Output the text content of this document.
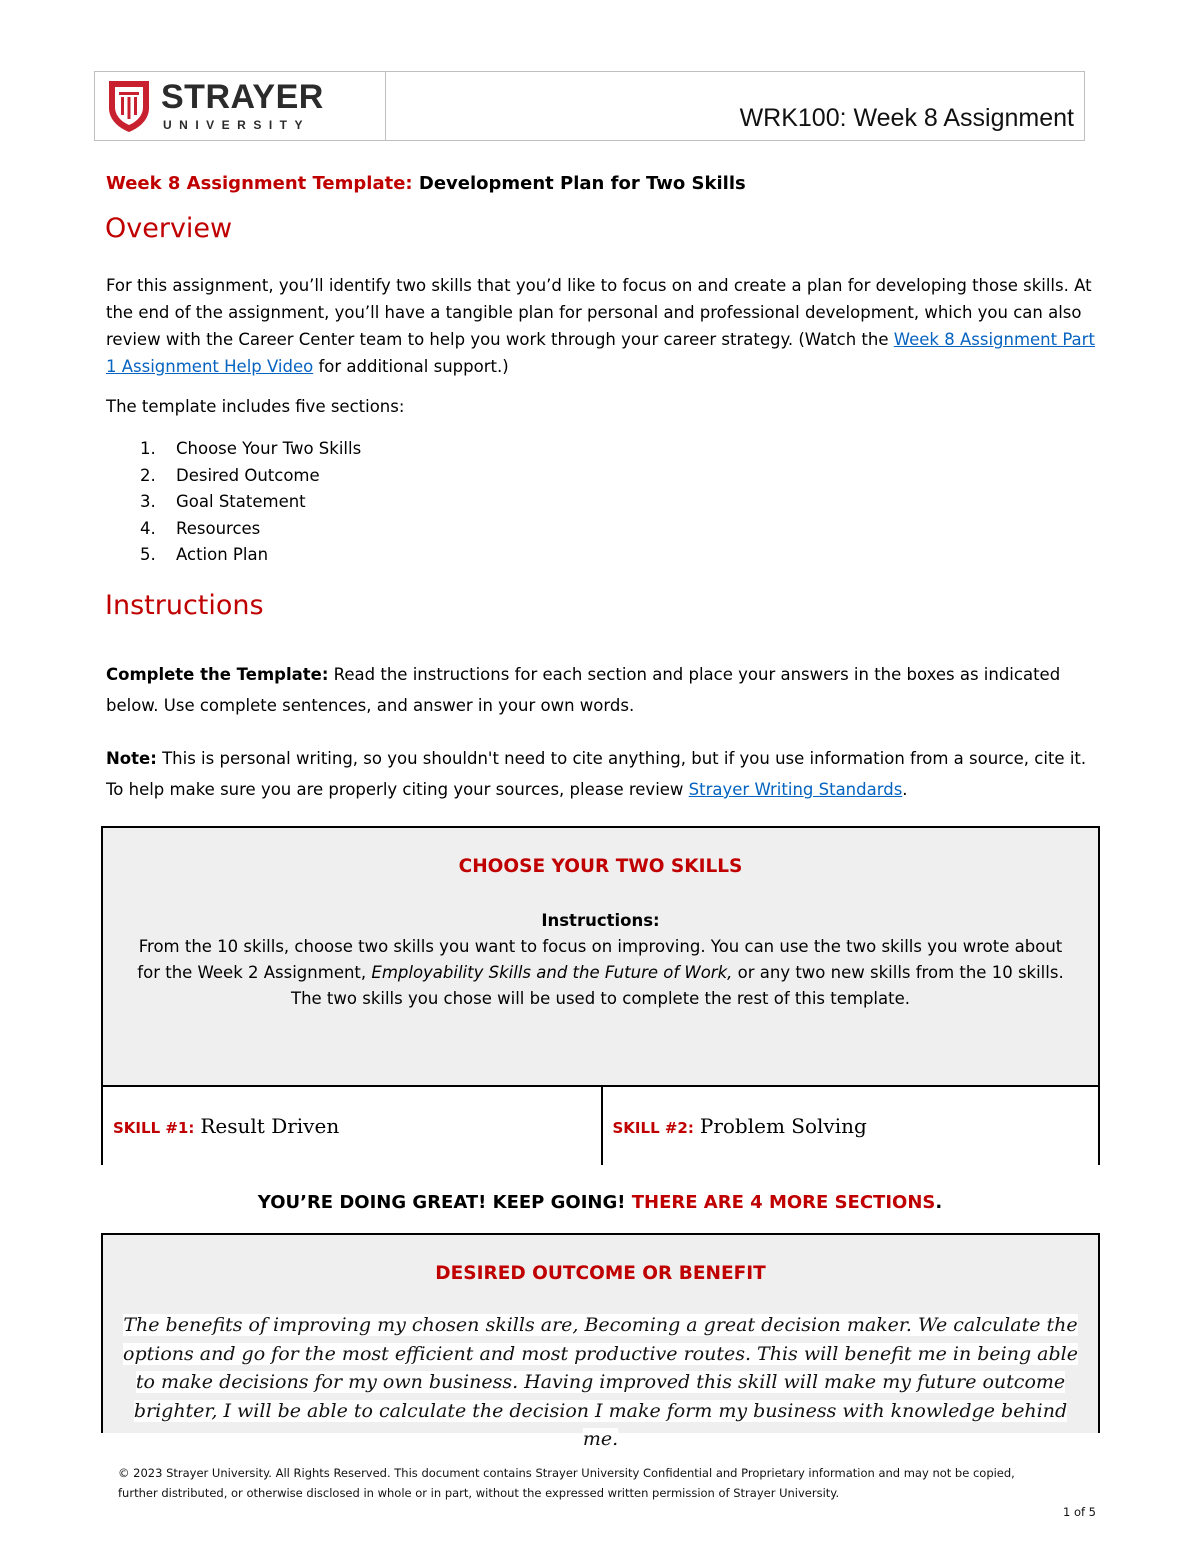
STRAYER
UNIVERSITY	WRK100: Week 8 Assignment
Week 8 Assignment Template: Development Plan for Two Skills
Overview
For this assignment, you’ll identify two skills that you’d like to focus on and create a plan for developing those skills. At the end of the assignment, you’ll have a tangible plan for personal and professional development, which you can also review with the Career Center team to help you work through your career strategy. (Watch the Week 8 Assignment Part 1 Assignment Help Video for additional support.)
The template includes five sections:
1. Choose Your Two Skills
2. Desired Outcome
3. Goal Statement
4. Resources
5. Action Plan
Instructions
Complete the Template: Read the instructions for each section and place your answers in the boxes as indicated below. Use complete sentences, and answer in your own words.
Note: This is personal writing, so you shouldn't need to cite anything, but if you use information from a source, cite it. To help make sure you are properly citing your sources, please review Strayer Writing Standards.
CHOOSE YOUR TWO SKILLS
Instructions:
From the 10 skills, choose two skills you want to focus on improving. You can use the two skills you wrote about
for the Week 2 Assignment, Employability Skills and the Future of Work, or any two new skills from the 10 skills.
The two skills you chose will be used to complete the rest of this template.
SKILL #1: Result Driven	SKILL #2: Problem Solving
YOU’RE DOING GREAT! KEEP GOING! THERE ARE 4 MORE SECTIONS.
DESIRED OUTCOME OR BENEFIT
The benefits of improving my chosen skills are, Becoming a great decision maker. We calculate the
options and go for the most efficient and most productive routes. This will benefit me in being able
to make decisions for my own business. Having improved this skill will make my future outcome
brighter, I will be able to calculate the decision I make form my business with knowledge behind me.
© 2023 Strayer University. All Rights Reserved. This document contains Strayer University Confidential and Proprietary information and may not be copied,
further distributed, or otherwise disclosed in whole or in part, without the expressed written permission of Strayer University.
1 of 5
